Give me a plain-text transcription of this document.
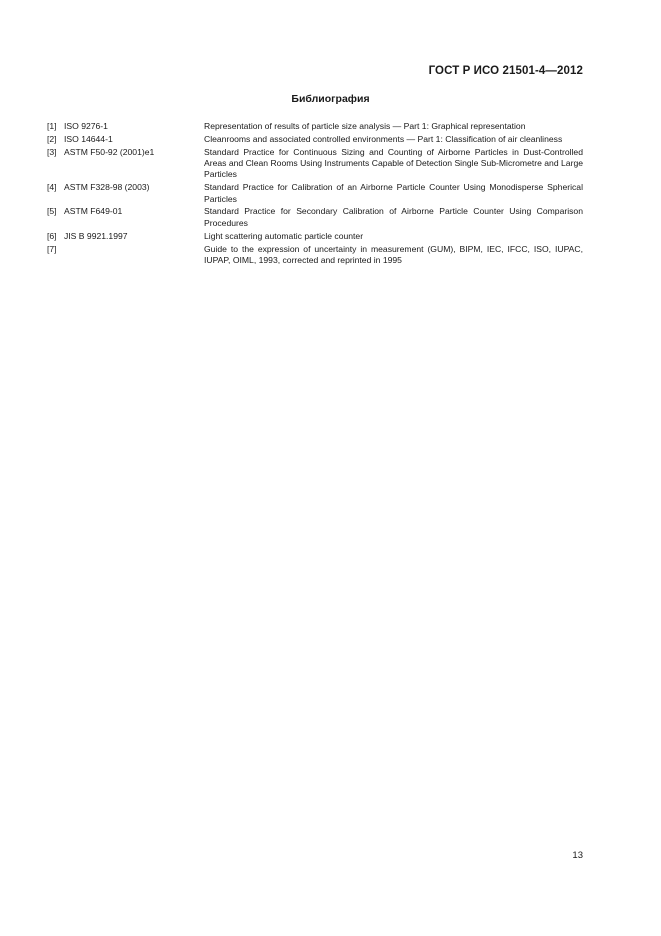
ГОСТ Р ИСО 21501-4—2012
Библиография
[1] ISO 9276-1	Representation of results of particle size analysis — Part 1: Graphical representation
[2] ISO 14644-1	Cleanrooms and associated controlled environments — Part 1: Classification of air cleanliness
[3] ASTM F50-92 (2001)e1	Standard Practice for Continuous Sizing and Counting of Airborne Particles in Dust-Controlled Areas and Clean Rooms Using Instruments Capable of Detection Single Sub-Micrometre and Large Particles
[4] ASTM F328-98 (2003)	Standard Practice for Calibration of an Airborne Particle Counter Using Monodisperse Spherical Particles
[5] ASTM F649-01	Standard Practice for Secondary Calibration of Airborne Particle Counter Using Comparison Procedures
[6] JIS B 9921.1997	Light scattering automatic particle counter
[7]	Guide to the expression of uncertainty in measurement (GUM), BIPM, IEC, IFCC, ISO, IUPAC, IUPAP, OIML, 1993, corrected and reprinted in 1995
13
